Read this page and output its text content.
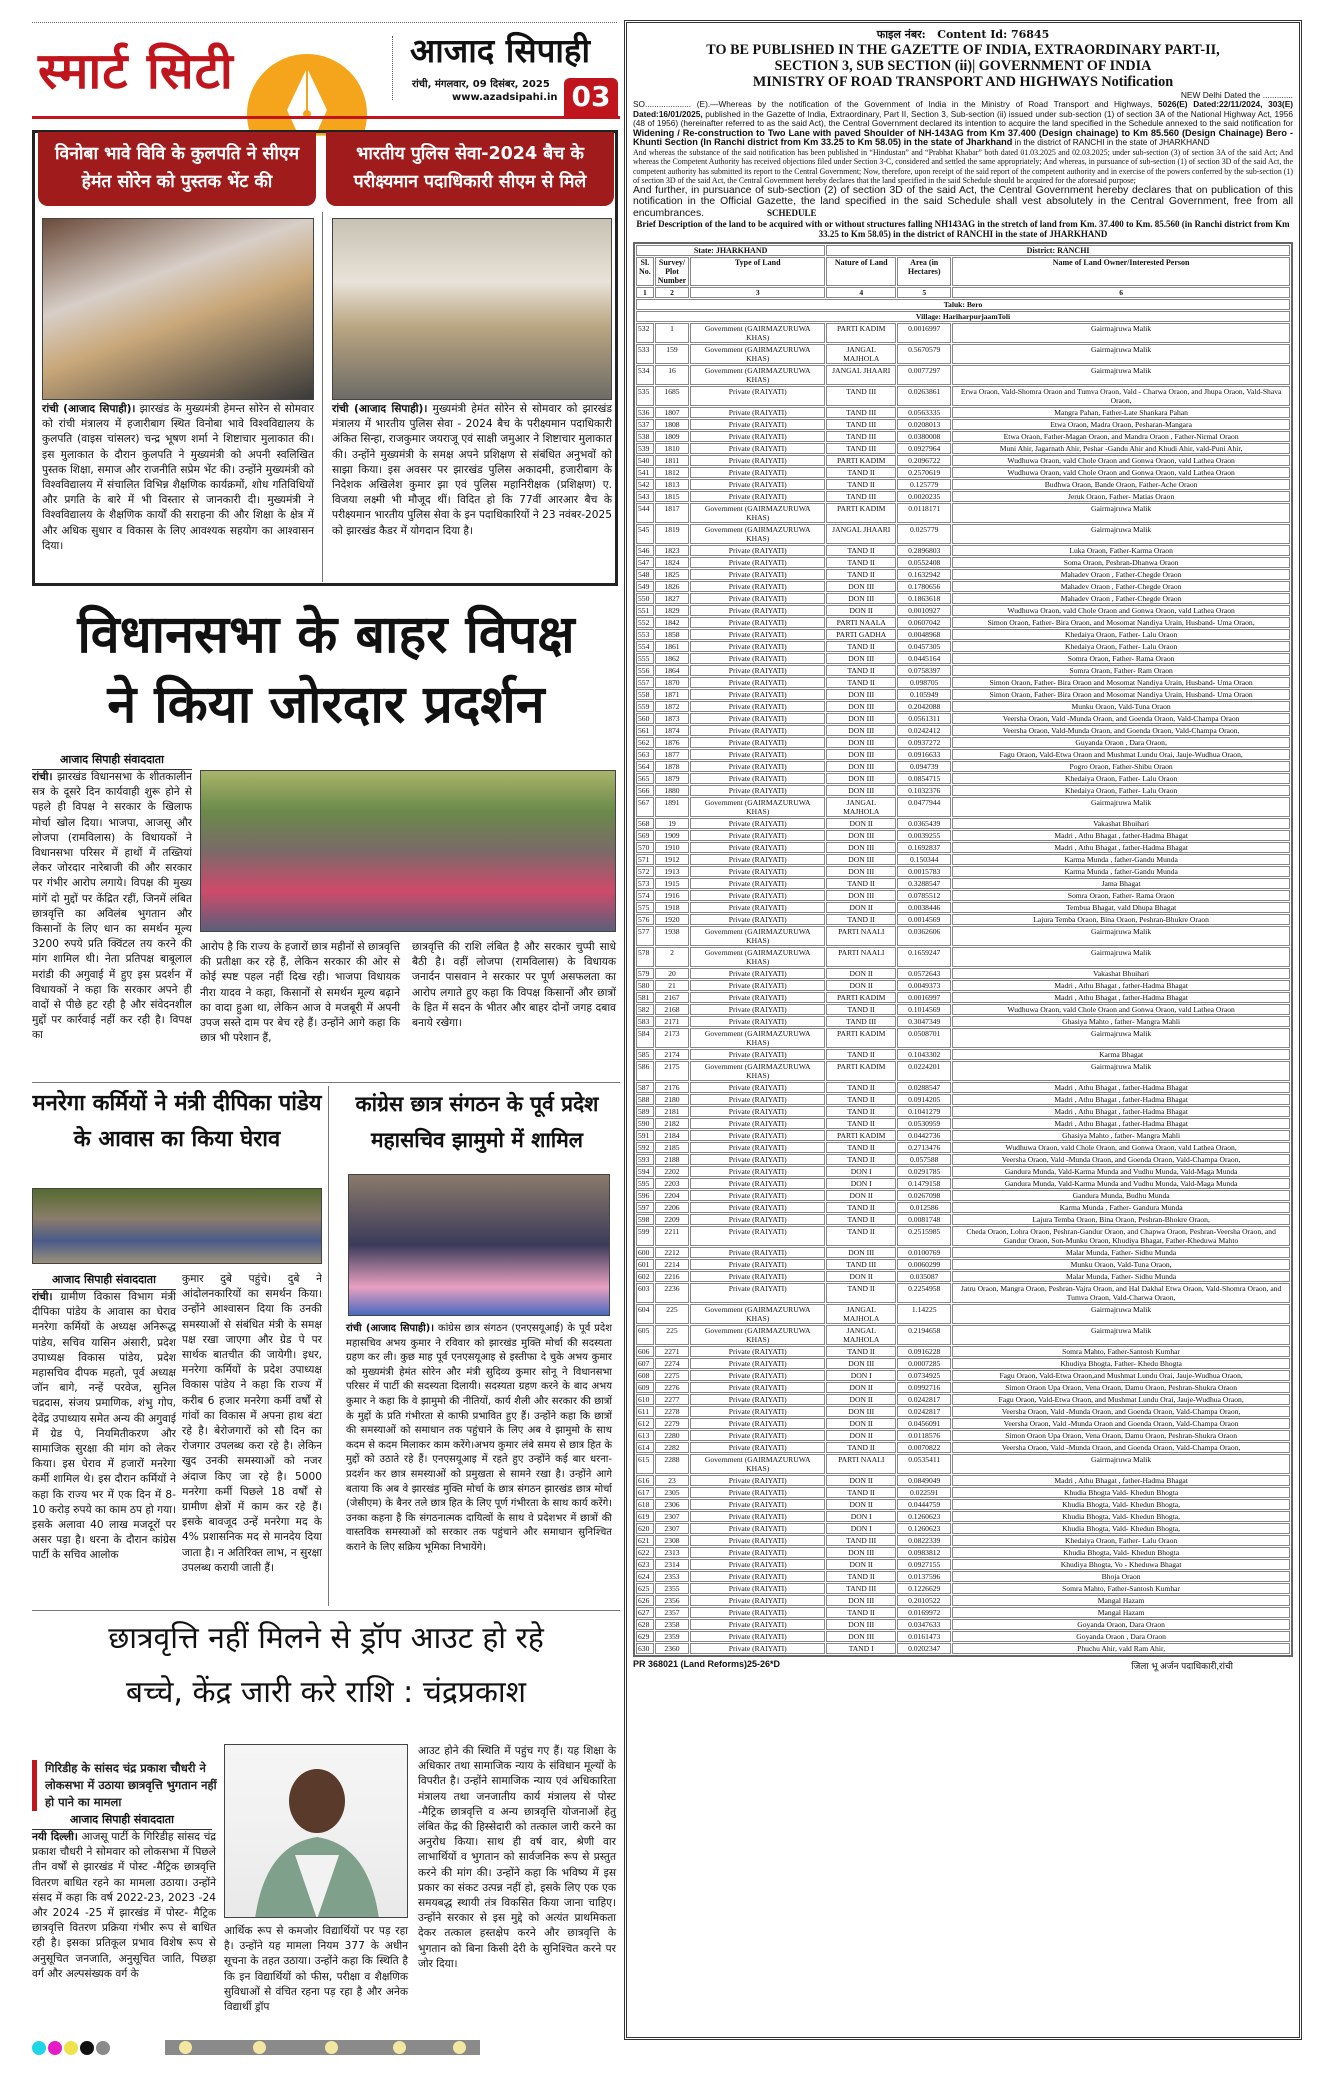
स्मार्ट सिटी	आजाद सिपाही
रांची, मंगलवार, 09 दिसंबर, 2025
www.azadsipahi.in 03
विनोबा भावे विवि के कुलपति ने सीएम हेमंत सोरेन को पुस्तक भेंट की
भारतीय पुलिस सेवा-2024 बैच के परीक्ष्यमान पदाधिकारी सीएम से मिले
रांची (आजाद सिपाही)। झारखंड के मुख्यमंत्री हेमन्त सोरेन से सोमवार को रांची मंत्रालय में हजारीबाग स्थित विनोबा भावे विश्वविद्यालय के कुलपति (वाइस चांसलर) चन्द्र भूषण शर्मा ने शिष्टाचार मुलाकात की। इस मुलाकात के दौरान कुलपति ने मुख्यमंत्री को अपनी स्वलिखित पुस्तक शिक्षा, समाज और राजनीति सप्रेम भेंट की। उन्होंने मुख्यमंत्री को विश्वविद्यालय में संचालित विभिन्न शैक्षणिक कार्यक्रमों, शोध गतिविधियों और प्रगति के बारे में भी विस्तार से जानकारी दी। मुख्यमंत्री ने विश्वविद्यालय के शैक्षणिक कार्यों की सराहना की और शिक्षा के क्षेत्र में और अधिक सुधार व विकास के लिए आवश्यक सहयोग का आश्वासन दिया।
रांची (आजाद सिपाही)। मुख्यमंत्री हेमंत सोरेन से सोमवार को झारखंड मंत्रालय में भारतीय पुलिस सेवा - 2024 बैच के परीक्ष्यमान पदाधिकारी अंकित सिन्हा, राजकुमार जयराजू एवं साक्षी जमुआर ने शिष्टाचार मुलाकात की। उन्होंने मुख्यमंत्री के समक्ष अपने प्रशिक्षण से संबंधित अनुभवों को साझा किया। इस अवसर पर झारखंड पुलिस अकादमी, हजारीबाग के निदेशक अखिलेश कुमार झा एवं पुलिस महानिरीक्षक (प्रशिक्षण) ए. विजया लक्ष्मी भी मौजूद थीं। विदित हो कि 77वीं आरआर बैच के परीक्ष्यमान भारतीय पुलिस सेवा के इन पदाधिकारियों ने 23 नवंबर-2025 को झारखंड कैडर में योगदान दिया है।
विधानसभा के बाहर विपक्ष
ने किया जोरदार प्रदर्शन
आजाद सिपाही संवाददाता
रांची। झारखंड विधानसभा के शीतकालीन सत्र के दूसरे दिन कार्यवाही शुरू होने से पहले ही विपक्ष ने सरकार के खिलाफ मोर्चा खोल दिया। भाजपा, आजसू और लोजपा (रामविलास) के विधायकों ने विधानसभा परिसर में हाथों में तख्तियां लेकर जोरदार नारेबाजी की और सरकार पर गंभीर आरोप लगाये। विपक्ष की मुख्य मांगें दो मुद्दों पर केंद्रित रहीं, जिनमें लंबित छात्रवृत्ति का अविलंब भुगतान और किसानों के लिए धान का समर्थन मूल्य 3200 रुपये प्रति क्विंटल तय करने की मांग शामिल थी। नेता प्रतिपक्ष बाबूलाल मरांडी की अगुवाई में हुए इस प्रदर्शन में विधायकों ने कहा कि सरकार अपने ही वादों से पीछे हट रही है और संवेदनशील मुद्दों पर कार्रवाई नहीं कर रही है। विपक्ष का
आरोप है कि राज्य के हजारों छात्र महीनों से छात्रवृत्ति की प्रतीक्षा कर रहे हैं, लेकिन सरकार की ओर से कोई स्पष्ट पहल नहीं दिख रही। भाजपा विधायक नीरा यादव ने कहा, किसानों से समर्थन मूल्य बढ़ाने का वादा हुआ था, लेकिन आज वे मजबूरी में अपनी उपज सस्ते दाम पर बेच रहे हैं। उन्होंने आगे कहा कि छात्र भी परेशान हैं,
छात्रवृत्ति की राशि लंबित है और सरकार चुप्पी साधे बैठी है। वहीं लोजपा (रामविलास) के विधायक जनार्दन पासवान ने सरकार पर पूर्ण असफलता का आरोप लगाते हुए कहा कि विपक्ष किसानों और छात्रों के हित में सदन के भीतर और बाहर दोनों जगह दबाव बनाये रखेगा।
मनरेगा कर्मियों ने मंत्री दीपिका पांडेय के आवास का किया घेराव
आजाद सिपाही संवाददाता
रांची। ग्रामीण विकास विभाग मंत्री दीपिका पांडेय के आवास का घेराव मनरेगा कर्मियों के अध्यक्ष अनिरूद्ध पांडेय, सचिव यासिन अंसारी, प्रदेश उपाध्यक्ष विकास पांडेय, प्रदेश महासचिव दीपक महतो, पूर्व अध्यक्ष जॉन बागे, नन्हें परवेज, सुनिल चद्रदास, संजय प्रमाणिक, शंभु गोप, देवेंद्र उपाध्याय समेत अन्य की अगुवाई में ग्रेड पे, नियमितीकरण और सामाजिक सुरक्षा की मांग को लेकर किया। इस घेराव में हजारों मनरेगा कर्मी शामिल थे। इस दौरान कर्मियों ने कहा कि राज्य भर में एक दिन में 8-10 करोड़ रुपये का काम ठप हो गया। इसके अलावा 40 लाख मजदूरों पर असर पड़ा है। धरना के दौरान कांग्रेस पार्टी के सचिव आलोक
कुमार दुबे पहुंचे। दुबे ने आंदोलनकारियों का समर्थन किया। उन्होंने आश्वासन दिया कि उनकी समस्याओं से संबंधित मंत्री के समक्ष पक्ष रखा जाएगा और ग्रेड पे पर सार्थक बातचीत की जायेगी। इधर, मनरेगा कर्मियों के प्रदेश उपाध्यक्ष विकास पांडेय ने कहा कि राज्य में करीब 6 हजार मनरेगा कर्मी वर्षों से गांवों का विकास में अपना हाथ बंटा रहे है। बेरोजगारों को सौ दिन का रोजगार उपलब्ध करा रहे है। लेकिन खुद उनकी समस्याओं को नजर अंदाज किए जा रहे है। 5000 मनरेगा कर्मी पिछले 18 वर्षों से ग्रामीण क्षेत्रों में काम कर रहे हैं। इसके बावजूद उन्हें मनरेगा मद के 4% प्रशासनिक मद से मानदेय दिया जाता है। न अतिरिक्त लाभ, न सुरक्षा उपलब्ध करायी जाती हैं।
कांग्रेस छात्र संगठन के पूर्व प्रदेश महासचिव झामुमो में शामिल
रांची (आजाद सिपाही)। कांग्रेस छात्र संगठन (एनएसयूआई) के पूर्व प्रदेश महासचिव अभय कुमार ने रविवार को झारखंड मुक्ति मोर्चा की सदस्यता ग्रहण कर ली। कुछ माह पूर्व एनएसयूआइ से इस्तीफा दे चुके अभय कुमार को मुख्यमंत्री हेमंत सोरेन और मंत्री सुदिव्य कुमार सोनू ने विधानसभा परिसर में पार्टी की सदस्यता दिलायी। सदस्यता ग्रहण करने के बाद अभय कुमार ने कहा कि वे झामुमो की नीतियों, कार्य शैली और सरकार की छात्रों के मुद्दों के प्रति गंभीरता से काफी प्रभावित हुए हैं। उन्होंने कहा कि छात्रों की समस्याओं को समाधान तक पहुंचाने के लिए अब वे झामुमो के साथ कदम से कदम मिलाकर काम करेंगे।अभय कुमार लंबे समय से छात्र हित के मुद्दों को उठाते रहे हैं। एनएसयूआइ में रहते हुए उन्होंने कई बार धरना-प्रदर्शन कर छात्र समस्याओं को प्रमुखता से सामने रखा है। उन्होंने आगे बताया कि अब वे झारखंड मुक्ति मोर्चा के छात्र संगठन झारखंड छात्र मोर्चा (जेसीएम) के बैनर तले छात्र हित के लिए पूर्ण गंभीरता के साथ कार्य करेंगे। उनका कहना है कि संगठनात्मक दायित्वों के साथ वे प्रदेशभर में छात्रों की वास्तविक समस्याओं को सरकार तक पहुंचाने और समाधान सुनिश्चित कराने के लिए सक्रिय भूमिका निभायेंगे।
छात्रवृत्ति नहीं मिलने से ड्रॉप आउट हो रहे
बच्चे, केंद्र जारी करे राशि : चंद्रप्रकाश
गिरिडीह के सांसद चंद्र प्रकाश चौधरी ने लोकसभा में उठाया छात्रवृत्ति भुगतान नहीं हो पाने का मामला
आजाद सिपाही संवाददाता
नयी दिल्ली। आजसू पार्टी के गिरिडीह सांसद चंद्र प्रकाश चौधरी ने सोमवार को लोकसभा में पिछले तीन वर्षों से झारखंड में पोस्ट -मैट्रिक छात्रवृत्ति वितरण बाधित रहने का मामला उठाया। उन्होंने संसद में कहा कि वर्ष 2022-23, 2023 -24 और 2024 -25 में झारखंड में पोस्ट- मैट्रिक छात्रवृत्ति वितरण प्रक्रिया गंभीर रूप से बाधित रही है। इसका प्रतिकूल प्रभाव विशेष रूप से अनुसूचित जनजाति, अनुसूचित जाति, पिछड़ा वर्ग और अल्पसंख्यक वर्ग के
आर्थिक रूप से कमजोर विद्यार्थियों पर पड़ रहा है। उन्होंने यह मामला नियम 377 के अधीन सूचना के तहत उठाया। उन्होंने कहा कि स्थिति है कि इन विद्यार्थियों को फीस, परीक्षा व शैक्षणिक सुविधाओं से वंचित रहना पड़ रहा है और अनेक विद्यार्थी ड्रॉप
आउट होने की स्थिति में पहुंच गए हैं। यह शिक्षा के अधिकार तथा सामाजिक न्याय के संविधान मूल्यों के विपरीत है। उन्होंने सामाजिक न्याय एवं अधिकारिता मंत्रालय तथा जनजातीय कार्य मंत्रालय से पोस्ट -मैट्रिक छात्रवृत्ति व अन्य छात्रवृत्ति योजनाओं हेतु लंबित केंद्र की हिस्सेदारी को तत्काल जारी करने का अनुरोध किया। साथ ही वर्ष वार, श्रेणी वार लाभार्थियों व भुगतान को सार्वजनिक रूप से प्रस्तुत करने की मांग की। उन्होंने कहा कि भविष्य में इस प्रकार का संकट उत्पन्न नहीं हो, इसके लिए एक एक समयबद्ध स्थायी तंत्र विकसित किया जाना चाहिए। उन्होंने सरकार से इस मुद्दे को अत्यंत प्राथमिकता देकर तत्काल हस्तक्षेप करने और छात्रवृत्ति के भुगतान को बिना किसी देरी के सुनिश्चित करने पर जोर दिया।
फाइल नंबर: Content Id: 76845
TO BE PUBLISHED IN THE GAZETTE OF INDIA, EXTRAORDINARY PART-II,
SECTION 3, SUB SECTION (ii)| GOVERNMENT OF INDIA
MINISTRY OF ROAD TRANSPORT AND HIGHWAYS Notification
NEW Delhi Dated the .............
SO.................... (E).—Whereas by the notification of the Government of India in the Ministry of Road Transport and Highways, 5026(E) Dated:22/11/2024, 303(E) Dated:16/01/2025, published in the Gazette of India, Extraordinary, Part II, Section 3, Sub-section (ii) issued under sub-section (1) of section 3A of the National Highway Act, 1956 (48 of 1956) (hereinafter referred to as the said Act), the Central Government declared its intention to acquire the land specified in the Schedule annexed to the said notification for Widening / Re-construction to Two Lane with paved Shoulder of NH-143AG from Km 37.400 (Design chainage) to Km 85.560 (Design Chainage) Bero - Khunti Section (In Ranchi district from Km 33.25 to Km 58.05) in the state of Jharkhand in the district of RANCHI in the state of JHARKHAND
And whereas the substance of the said notification has been published in “Hindustan” and “Prabhat Khabar” both dated 01.03.2025 and 02.03.2025; under sub-section (3) of section 3A of the said Act; And whereas the Competent Authority has received objections filed under Section 3-C, considered and settled the same appropriately; And whereas, in pursuance of sub-section (1) of section 3D of the said Act, the competent authority has submitted its report to the Central Government; Now, therefore, upon receipt of the said report of the competent authority and in exercise of the powers conferred by the sub-section (1) of section 3D of the said Act, the Central Government hereby declares that the land specified in the said Schedule should be acquired for the aforesaid purpose;
And further, in pursuance of sub-section (2) of section 3D of the said Act, the Central Government hereby declares that on publication of this notification in the Official Gazette, the land specified in the said Schedule shall vest absolutely in the Central Government, free from all encumbrances.	SCHEDULE
Brief Description of the land to be acquired with or without structures falling NH143AG in the stretch of land from Km. 37.400 to Km. 85.560 (in Ranchi district from Km 33.25 to Km 58.05) in the district of RANCHI in the state of JHARKHAND
State: JHARKHAND			District: RANCHI		
Sl. No.	Survey/ Plot Number	Type of Land	Nature of Land	Area (in Hectares)	Name of Land Owner/Interested Person
1	2	3	4	5	6
Taluk: Bero					
Village: HariharpurjaamToli					
532	1	Government (GAIRMAZURUWA KHAS)	PARTI KADIM	0.0016997	Gairmajruwa Malik
533	159	Government (GAIRMAZURUWA KHAS)	JANGAL MAJHOLA	0.5670579	Gairmajruwa Malik
534	16	Government (GAIRMAZURUWA KHAS)	JANGAL JHAARI	0.0077297	Gairmajruwa Malik
535	1685	Private (RAIYATI)	TAND III	0.0263861	Erwa Oraon, Vald-Shomra Oraon and Tumva Oraon, Vald - Charwa Oraon, and Jhupa Oraon, Vald-Shava Oraon,
536	1807	Private (RAIYATI)	TAND III	0.0563335	Mangra Pahan, Father-Late Shankara Pahan
537	1808	Private (RAIYATI)	TAND III	0.0208013	Etwa Oraon, Madra Oraon, Pesharan-Mangara
538	1809	Private (RAIYATI)	TAND III	0.0380008	Etwa Oraon, Father-Magan Oraon, and Mandra Oraon , Father-Nirmal Oraon
539	1810	Private (RAIYATI)	TAND III	0.0927964	Muni Ahir, Jagarnath Ahir, Peshar -Gandu Ahir and Khudi Ahir, vald-Puni Ahir,
540	1811	Private (RAIYATI)	PARTI KADIM	0.2096722	Wudhuwa Oraon, vald Chole Oraon and Gonwa Oraon, vald Lathea Oraon
541	1812	Private (RAIYATI)	TAND II	0.2570619	Wudhuwa Oraon, vald Chole Oraon and Gonwa Oraon, vald Lathea Oraon
542	1813	Private (RAIYATI)	TAND II	0.125779	Budhwa Oraon, Bande Oraon, Father-Ache Oraon
543	1815	Private (RAIYATI)	TAND III	0.0020235	Jeruk Oraon, Father- Matias Oraon
544	1817	Government (GAIRMAZURUWA KHAS)	PARTI KADIM	0.0118171	Gairmajruwa Malik
545	1819	Government (GAIRMAZURUWA KHAS)	JANGAL JHAARI	0.025779	Gairmajruwa Malik
546	1823	Private (RAIYATI)	TAND II	0.2896803	Luka Oraon, Father-Karma Oraon
547	1824	Private (RAIYATI)	TAND II	0.0552408	Soma Oraon, Peshran-Dhanwa Oraon
548	1825	Private (RAIYATI)	TAND II	0.1632942	Mahadev Oraon , Father-Chegde Oraon
549	1826	Private (RAIYATI)	DON III	0.1780656	Mahadev Oraon , Father-Chegde Oraon
550	1827	Private (RAIYATI)	DON III	0.1863618	Mahadev Oraon , Father-Chegde Oraon
551	1829	Private (RAIYATI)	DON II	0.0010927	Wudhuwa Oraon, vald Chole Oraon and Gonwa Oraon, vald Lathea Oraon
552	1842	Private (RAIYATI)	PARTI NAALA	0.0607042	Simon Oraon, Father- Bira Oraon, and Mosomat Nandiya Urain, Husband- Uma Oraon,
553	1858	Private (RAIYATI)	PARTI GADHA	0.0048968	Khedaiya Oraon, Father- Lalu Oraon
554	1861	Private (RAIYATI)	TAND II	0.0457305	Khedaiya Oraon, Father- Lalu Oraon
555	1862	Private (RAIYATI)	DON III	0.0445164	Somra Oraon, Father- Rama Oraon
556	1864	Private (RAIYATI)	TAND II	0.0758397	Somra Oraon, Father- Ram Oraon
557	1870	Private (RAIYATI)	TAND II	0.098705	Simon Oraon, Father- Bira Oraon and Mosomat Nandiya Urain, Husband- Uma Oraon
558	1871	Private (RAIYATI)	DON III	0.105949	Simon Oraon, Father- Bira Oraon and Mosomat Nandiya Urain, Husband- Uma Oraon
559	1872	Private (RAIYATI)	DON III	0.2042088	Munku Oraon, Vald-Tuna Oraon
560	1873	Private (RAIYATI)	DON III	0.0561311	Veersha Oraon, Vald -Munda Oraon, and Goenda Oraon, Vald-Champa Oraon
561	1874	Private (RAIYATI)	DON III	0.0242412	Veersha Oraon, Vald-Munda Oraon, and Goenda Oraon, Vald-Champa Oraon,
562	1876	Private (RAIYATI)	DON III	0.0937272	Guyanda Oraon , Dara Oraon,
563	1877	Private (RAIYATI)	DON III	0.0916633	Fagu Oraon, Vald-Etwa Oraon and Mushmat Lundu Orai, Jauje-Wudhua Oraon,
564	1878	Private (RAIYATI)	DON III	0.094739	Pogro Oraon, Father-Shibu Oraon
565	1879	Private (RAIYATI)	DON III	0.0854715	Khedaiya Oraon, Father- Lalu Oraon
566	1880	Private (RAIYATI)	DON III	0.1032376	Khedaiya Oraon, Father- Lalu Oraon
567	1891	Government (GAIRMAZURUWA KHAS)	JANGAL MAJHOLA	0.0477944	Gairmajruwa Malik
568	19	Private (RAIYATI)	DON II	0.0365439	Vakashat Bhuihari
569	1909	Private (RAIYATI)	DON III	0.0039255	Madri , Athu Bhagat , father-Hadma Bhagat
570	1910	Private (RAIYATI)	DON III	0.1692837	Madri , Athu Bhagat , father-Hadma Bhagat
571	1912	Private (RAIYATI)	DON III	0.150344	Karma Munda , father-Gandu Munda
572	1913	Private (RAIYATI)	DON III	0.0015783	Karma Munda , father-Gandu Munda
573	1915	Private (RAIYATI)	TAND II	0.3288547	Jama Bhagat
574	1916	Private (RAIYATI)	DON III	0.0785512	Somra Oraon, Father- Rama Oraon
575	1918	Private (RAIYATI)	DON II	0.0038446	Tembua Bhagat, vald Dhupa Bhagat
576	1920	Private (RAIYATI)	TAND II	0.0014569	Lajura Temba Oraon, Bina Oraon, Peshran-Bhukre Oraon
577	1938	Government (GAIRMAZURUWA KHAS)	PARTI NAALI	0.0362606	Gairmajruwa Malik
578	2	Government (GAIRMAZURUWA KHAS)	PARTI NAALI	0.1659247	Gairmajruwa Malik
579	20	Private (RAIYATI)	DON II	0.0572643	Vakashat Bhuihari
580	21	Private (RAIYATI)	DON II	0.0049373	Madri , Athu Bhagat , father-Hadma Bhagat
581	2167	Private (RAIYATI)	PARTI KADIM	0.0016997	Madri , Athu Bhagat , father-Hadma Bhagat
582	2168	Private (RAIYATI)	TAND II	0.1014569	Wudhuwa Oraon, vald Chole Oraon and Gonwa Oraon, vald Lathea Oraon
583	2171	Private (RAIYATI)	TAND III	0.3047349	Ghasiya Mahto , father- Mangra Mahli
584	2173	Government (GAIRMAZURUWA KHAS)	PARTI KADIM	0.0508701	Gairmajruwa Malik
585	2174	Private (RAIYATI)	TAND II	0.1043302	Karma Bhagat
586	2175	Government (GAIRMAZURUWA KHAS)	PARTI KADIM	0.0224201	Gairmajruwa Malik
587	2176	Private (RAIYATI)	TAND II	0.0288547	Madri , Athu Bhagat , father-Hadma Bhagat
588	2180	Private (RAIYATI)	TAND II	0.0914205	Madri , Athu Bhagat , father-Hadma Bhagat
589	2181	Private (RAIYATI)	TAND II	0.1041279	Madri , Athu Bhagat , father-Hadma Bhagat
590	2182	Private (RAIYATI)	TAND II	0.0530959	Madri , Athu Bhagat , father-Hadma Bhagat
591	2184	Private (RAIYATI)	PARTI KADIM	0.0442736	Ghasiya Mahto , father- Mangra Mahli
592	2185	Private (RAIYATI)	TAND II	0.2713476	Wudhuwa Oraon, vald Chole Oraon, and Gonwa Oraon, vald Lathea Oraon,
593	2188	Private (RAIYATI)	TAND II	0.057588	Veersha Oraon, Vald -Munda Oraon, and Goenda Oraon, Vald-Champa Oraon,
594	2202	Private (RAIYATI)	DON I	0.0291785	Gandura Munda, Vald-Karma Munda and Vudhu Munda, Vald-Maga Munda
595	2203	Private (RAIYATI)	DON I	0.1479158	Gandura Munda, Vald-Karma Munda and Vudhu Munda, Vald-Maga Munda
596	2204	Private (RAIYATI)	DON II	0.0267098	Gandura Munda, Budhu Munda
597	2206	Private (RAIYATI)	TAND II	0.012586	Karma Munda , Father- Gandura Munda
598	2209	Private (RAIYATI)	TAND II	0.0081748	Lajura Temba Oraon, Bina Oraon, Peshran-Bhokre Oraon,
599	2211	Private (RAIYATI)	TAND II	0.2515985	Cheda Oraon, Lohra Oraon, Peshran-Gandur Oraon, and Chapwa Oraon, Peshran-Veersha Oraon, and Gandur Oraon, Son-Munku Oraon, Khudiya Bhagat, Father-Kheduwa Mahto
600	2212	Private (RAIYATI)	DON III	0.0100769	Malar Munda, Father- Sidhu Munda
601	2214	Private (RAIYATI)	TAND III	0.0060299	Munku Oraon, Vald-Tuna Oraon,
602	2216	Private (RAIYATI)	DON II	0.035087	Malar Munda, Father- Sidhu Munda
603	2236	Private (RAIYATI)	TAND II	0.2254958	Jatru Oraon, Mangra Oraon, Peshran-Vajra Oraon, and Hal Dakhal Etwa Oraon, Vald-Shomra Oraon, and Tumva Oraon, Vald-Charwa Oraon,
604	225	Government (GAIRMAZURUWA KHAS)	JANGAL MAJHOLA	1.14225	Gairmajruwa Malik
605	225	Government (GAIRMAZURUWA KHAS)	JANGAL MAJHOLA	0.2194658	Gairmajruwa Malik
606	2271	Private (RAIYATI)	TAND II	0.0916228	Somra Mahto, Father-Santosh Kumhar
607	2274	Private (RAIYATI)	DON III	0.0007285	Khudiya Bhogta, Father- Khedu Bhogta
608	2275	Private (RAIYATI)	DON I	0.0734925	Fagu Oraon, Vald-Etwa Oraon,and Mushmat Lundu Orai, Jauje-Wudhua Oraon,
609	2276	Private (RAIYATI)	DON II	0.0992716	Simon Oraon Upa Oraon, Vena Oraon, Damu Oraon, Peshran-Shukra Oraon
610	2277	Private (RAIYATI)	DON II	0.0242817	Fagu Oraon, Vald-Etwa Oraon, and Mushmat Lundu Orai, Jauje-Wudhua Oraon,
611	2278	Private (RAIYATI)	DON III	0.0242817	Veersha Oraon, Vald -Munda Oraon, and Goenda Oraon, Vald-Champa Oraon,
612	2279	Private (RAIYATI)	DON II	0.0456091	Veersha Oraon, Vald -Munda Oraon and Goenda Oraon, Vald-Champa Oraon
613	2280	Private (RAIYATI)	DON II	0.0118576	Simon Oraon Upa Oraon, Vena Oraon, Damu Oraon, Peshran-Shukra Oraon
614	2282	Private (RAIYATI)	TAND II	0.0070822	Veersha Oraon, Vald -Munda Oraon, and Goenda Oraon, Vald-Champa Oraon,
615	2288	Government (GAIRMAZURUWA KHAS)	PARTI NAALI	0.0535411	Gairmajruwa Malik
616	23	Private (RAIYATI)	DON II	0.0849049	Madri , Athu Bhagat , father-Hadma Bhagat
617	2305	Private (RAIYATI)	TAND II	0.022591	Khudia Bhogta Vald- Khedun Bhogta
618	2306	Private (RAIYATI)	DON II	0.0444759	Khudia Bhogta, Vald- Khedun Bhogta,
619	2307	Private (RAIYATI)	DON I	0.1260623	Khudia Bhogta, Vald- Khedun Bhogta,
620	2307	Private (RAIYATI)	DON I	0.1260623	Khudia Bhogta, Vald- Khedun Bhogta,
621	2308	Private (RAIYATI)	TAND III	0.0822339	Khedaiya Oraon, Father- Lalu Oraon
622	2313	Private (RAIYATI)	DON III	0.0983812	Khudia Bhogta, Vald- Khedun Bhogta
623	2314	Private (RAIYATI)	DON II	0.0927155	Khudiya Bhogta, Vo - Kheduwa Bhagat
624	2353	Private (RAIYATI)	TAND II	0.0137596	Bhoja Oraon
625	2355	Private (RAIYATI)	TAND III	0.1226629	Somra Mahto, Father-Santosh Kumhar
626	2356	Private (RAIYATI)	DON III	0.2010522	Mangal Hazam
627	2357	Private (RAIYATI)	TAND II	0.0169972	Mangal Hazam
628	2358	Private (RAIYATI)	DON III	0.0347633	Goyanda Oraon, Dara Oraon
629	2359	Private (RAIYATI)	DON III	0.0161473	Goyanda Oraon , Dara Oraon
630	2360	Private (RAIYATI)	TAND I	0.0202347	Phuchu Ahir, vald Ram Ahir,
PR 368021 (Land Reforms)25-26*D	जिला भू अर्जन पदाधिकारी,रांची
